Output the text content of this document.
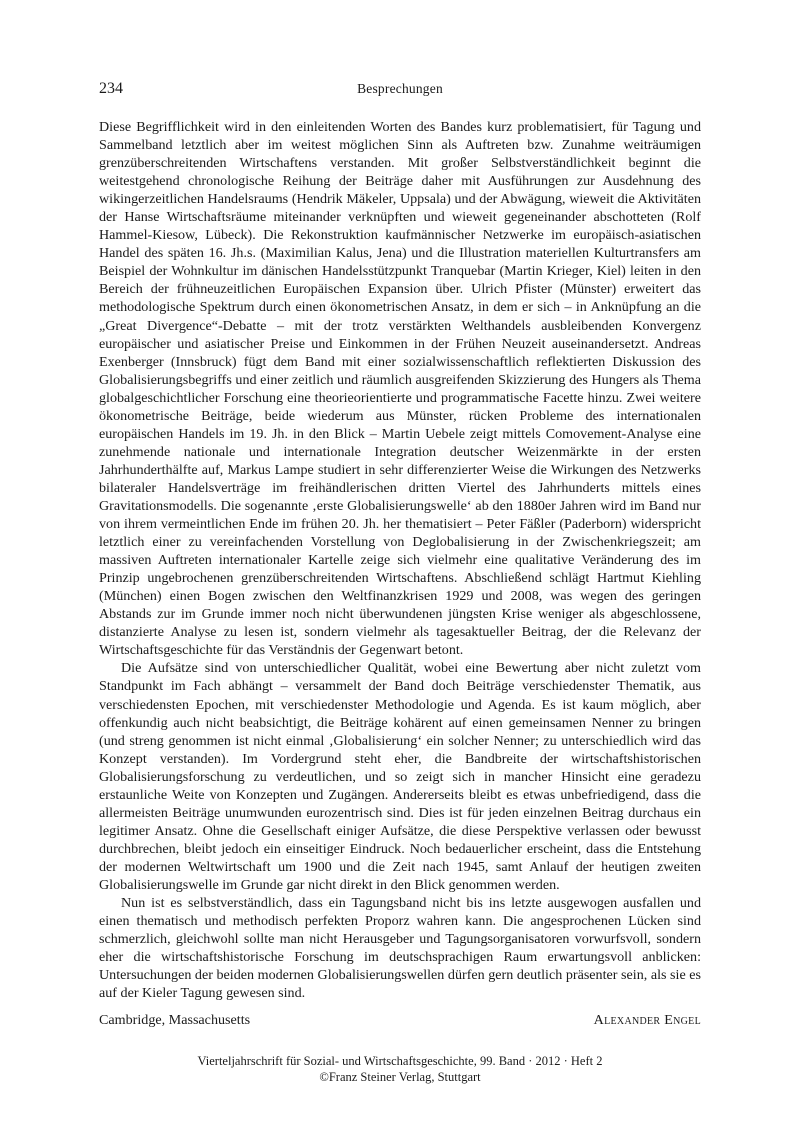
234	Besprechungen

Diese Begrifflichkeit wird in den einleitenden Worten des Bandes kurz problematisiert, für Tagung und Sammelband letztlich aber im weitest möglichen Sinn als Auftreten bzw. Zunahme weiträumigen grenzüberschreitenden Wirtschaftens verstanden. Mit großer Selbstverständlichkeit beginnt die weitestgehend chronologische Reihung der Beiträge daher mit Ausführungen zur Ausdehnung des wikingerzeitlichen Handelsraums (Hendrik Mäkeler, Uppsala) und der Abwägung, wieweit die Aktivitäten der Hanse Wirtschaftsräume miteinander verknüpften und wieweit gegeneinander abschotteten (Rolf Hammel-Kiesow, Lübeck). Die Rekonstruktion kaufmännischer Netzwerke im europäisch-asiatischen Handel des späten 16. Jh.s. (Maximilian Kalus, Jena) und die Illustration materiellen Kulturtransfers am Beispiel der Wohnkultur im dänischen Handelsstützpunkt Tranquebar (Martin Krieger, Kiel) leiten in den Bereich der frühneuzeitlichen Europäischen Expansion über. Ulrich Pfister (Münster) erweitert das methodologische Spektrum durch einen ökonometrischen Ansatz, in dem er sich – in Anknüpfung an die „Great Divergence“-Debatte – mit der trotz verstärkten Welthandels ausbleibenden Konvergenz europäischer und asiatischer Preise und Einkommen in der Frühen Neuzeit auseinandersetzt. Andreas Exenberger (Innsbruck) fügt dem Band mit einer sozialwissenschaftlich reflektierten Diskussion des Globalisierungsbegriffs und einer zeitlich und räumlich ausgreifenden Skizzierung des Hungers als Thema globalgeschichtlicher Forschung eine theorieorientierte und programmatische Facette hinzu. Zwei weitere ökonometrische Beiträge, beide wiederum aus Münster, rücken Probleme des internationalen europäischen Handels im 19. Jh. in den Blick – Martin Uebele zeigt mittels Comovement-Analyse eine zunehmende nationale und internationale Integration deutscher Weizenmärkte in der ersten Jahrhunderthälfte auf, Markus Lampe studiert in sehr differenzierter Weise die Wirkungen des Netzwerks bilateraler Handelsverträge im freihändlerischen dritten Viertel des Jahrhunderts mittels eines Gravitationsmodells. Die sogenannte ‚erste Globalisierungswelle‘ ab den 1880er Jahren wird im Band nur von ihrem vermeintlichen Ende im frühen 20. Jh. her thematisiert – Peter Fäßler (Paderborn) widerspricht letztlich einer zu vereinfachenden Vorstellung von Deglobalisierung in der Zwischenkriegszeit; am massiven Auftreten internationaler Kartelle zeige sich vielmehr eine qualitative Veränderung des im Prinzip ungebrochenen grenzüberschreitenden Wirtschaftens. Abschließend schlägt Hartmut Kiehling (München) einen Bogen zwischen den Weltfinanzkrisen 1929 und 2008, was wegen des geringen Abstands zur im Grunde immer noch nicht überwundenen jüngsten Krise weniger als abgeschlossene, distanzierte Analyse zu lesen ist, sondern vielmehr als tagesaktueller Beitrag, der die Relevanz der Wirtschaftsgeschichte für das Verständnis der Gegenwart betont.

Die Aufsätze sind von unterschiedlicher Qualität, wobei eine Bewertung aber nicht zuletzt vom Standpunkt im Fach abhängt – versammelt der Band doch Beiträge verschiedenster Thematik, aus verschiedensten Epochen, mit verschiedenster Methodologie und Agenda. Es ist kaum möglich, aber offenkundig auch nicht beabsichtigt, die Beiträge kohärent auf einen gemeinsamen Nenner zu bringen (und streng genommen ist nicht einmal ‚Globalisierung‘ ein solcher Nenner; zu unterschiedlich wird das Konzept verstanden). Im Vordergrund steht eher, die Bandbreite der wirtschaftshistorischen Globalisierungsforschung zu verdeutlichen, und so zeigt sich in mancher Hinsicht eine geradezu erstaunliche Weite von Konzepten und Zugängen. Andererseits bleibt es etwas unbefriedigend, dass die allermeisten Beiträge unumwunden eurozentrisch sind. Dies ist für jeden einzelnen Beitrag durchaus ein legitimer Ansatz. Ohne die Gesellschaft einiger Aufsätze, die diese Perspektive verlassen oder bewusst durchbrechen, bleibt jedoch ein einseitiger Eindruck. Noch bedauerlicher erscheint, dass die Entstehung der modernen Weltwirtschaft um 1900 und die Zeit nach 1945, samt Anlauf der heutigen zweiten Globalisierungswelle im Grunde gar nicht direkt in den Blick genommen werden.

Nun ist es selbstverständlich, dass ein Tagungsband nicht bis ins letzte ausgewogen ausfallen und einen thematisch und methodisch perfekten Proporz wahren kann. Die angesprochenen Lücken sind schmerzlich, gleichwohl sollte man nicht Herausgeber und Tagungsorganisatoren vorwurfsvoll, sondern eher die wirtschaftshistorische Forschung im deutschsprachigen Raum erwartungsvoll anblicken: Untersuchungen der beiden modernen Globalisierungswellen dürfen gern deutlich präsenter sein, als sie es auf der Kieler Tagung gewesen sind.

Cambridge, Massachusetts	Alexander Engel
Vierteljahrschrift für Sozial- und Wirtschaftsgeschichte, 99. Band · 2012 · Heft 2
©Franz Steiner Verlag, Stuttgart
